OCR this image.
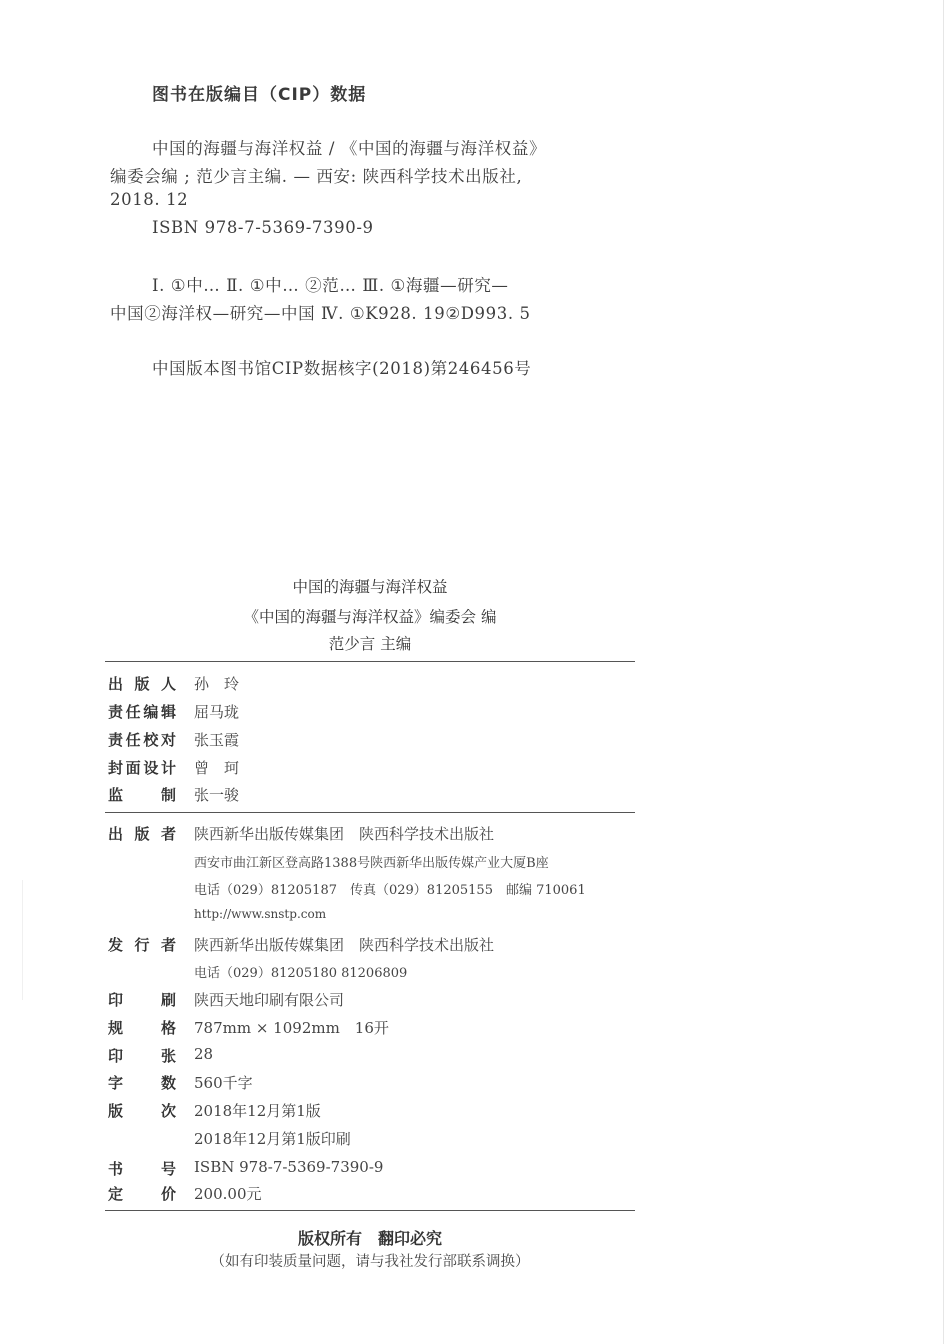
图书在版编目（CIP）数据
中国的海疆与海洋权益 / 《中国的海疆与海洋权益》
编委会编 ; 范少言主编. — 西安: 陕西科学技术出版社,
2018. 12
ISBN 978-7-5369-7390-9
Ⅰ. ①中… Ⅱ. ①中… ②范… Ⅲ. ①海疆—研究—
中国②海洋权—研究—中国 Ⅳ. ①K928. 19②D993. 5
中国版本图书馆CIP数据核字(2018)第246456号
中国的海疆与海洋权益
《中国的海疆与海洋权益》编委会 编
范少言 主编
出版人 孙　玲
责任编辑 屈马珑
责任校对 张玉霞
封面设计 曾　珂
监制 张一骏
出版者 陕西新华出版传媒集团　陕西科学技术出版社
西安市曲江新区登高路1388号陕西新华出版传媒产业大厦B座
电话（029）81205187　传真（029）81205155　邮编 710061
http://www.snstp.com
发行者 陕西新华出版传媒集团　陕西科学技术出版社
电话（029）81205180 81206809
印刷 陕西天地印刷有限公司
规格 787mm × 1092mm　16开
印张 28
字数 560千字
版次 2018年12月第1版
2018年12月第1版印刷
书号 ISBN 978-7-5369-7390-9
定价 200.00元
版权所有　翻印必究
（如有印装质量问题，请与我社发行部联系调换）
